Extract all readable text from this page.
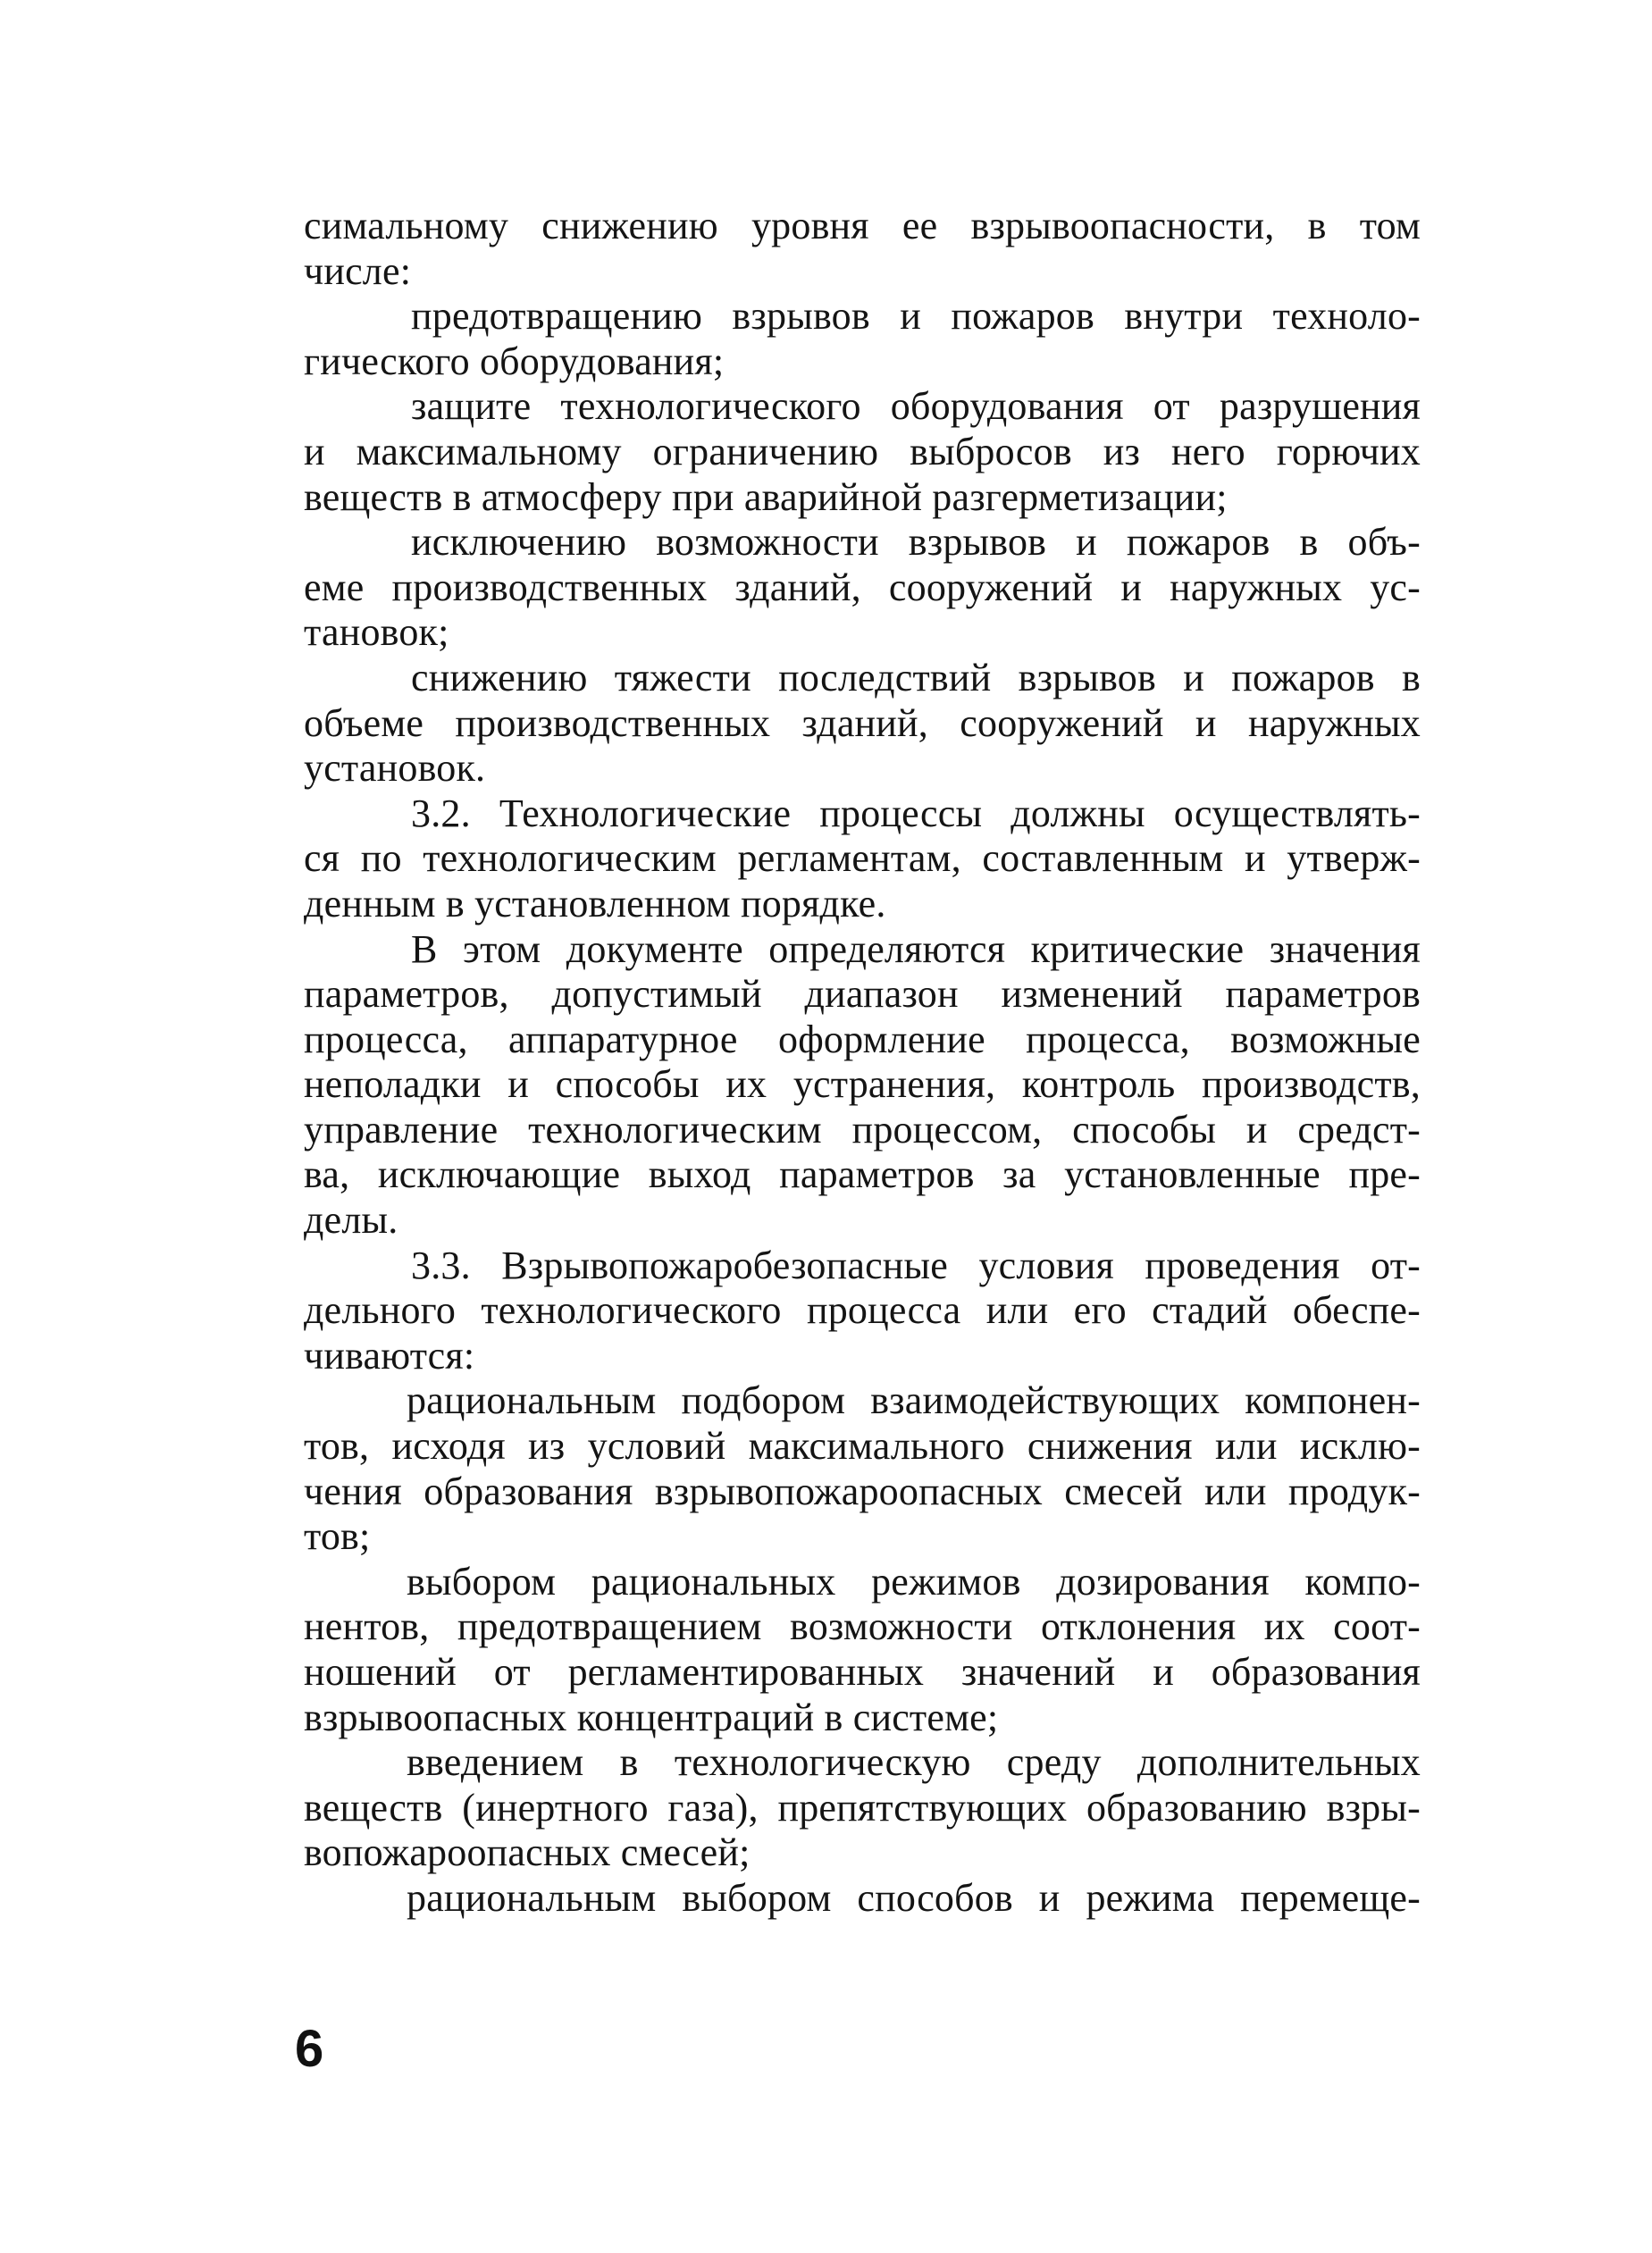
симальному снижению уровня ее взрывоопасности, в том
числе:
предотвращению взрывов и пожаров внутри техноло-
гического оборудования;
защите технологического оборудования от разрушения
и максимальному ограничению выбросов из него горючих
веществ в атмосферу при аварийной разгерметизации;
исключению возможности взрывов и пожаров в объ-
еме производственных зданий, сооружений и наружных ус-
тановок;
снижению тяжести последствий взрывов и пожаров в
объеме производственных зданий, сооружений и наружных
установок.
3.2. Технологические процессы должны осуществлять-
ся по технологическим регламентам, составленным и утверж-
денным в установленном порядке.
В этом документе определяются критические значения
параметров, допустимый диапазон изменений параметров
процесса, аппаратурное оформление процесса, возможные
неполадки и способы их устранения, контроль производств,
управление технологическим процессом, способы и средст-
ва, исключающие выход параметров за установленные пре-
делы.
3.3. Взрывопожаробезопасные условия проведения от-
дельного технологического процесса или его стадий обеспе-
чиваются:
рациональным подбором взаимодействующих компонен-
тов, исходя из условий максимального снижения или исклю-
чения образования взрывопожароопасных смесей или продук-
тов;
выбором рациональных режимов дозирования компо-
нентов, предотвращением возможности отклонения их соот-
ношений от регламентированных значений и образования
взрывоопасных концентраций в системе;
введением в технологическую среду дополнительных
веществ (инертного газа), препятствующих образованию взры-
вопожароопасных смесей;
рациональным выбором способов и режима перемеще-
6
